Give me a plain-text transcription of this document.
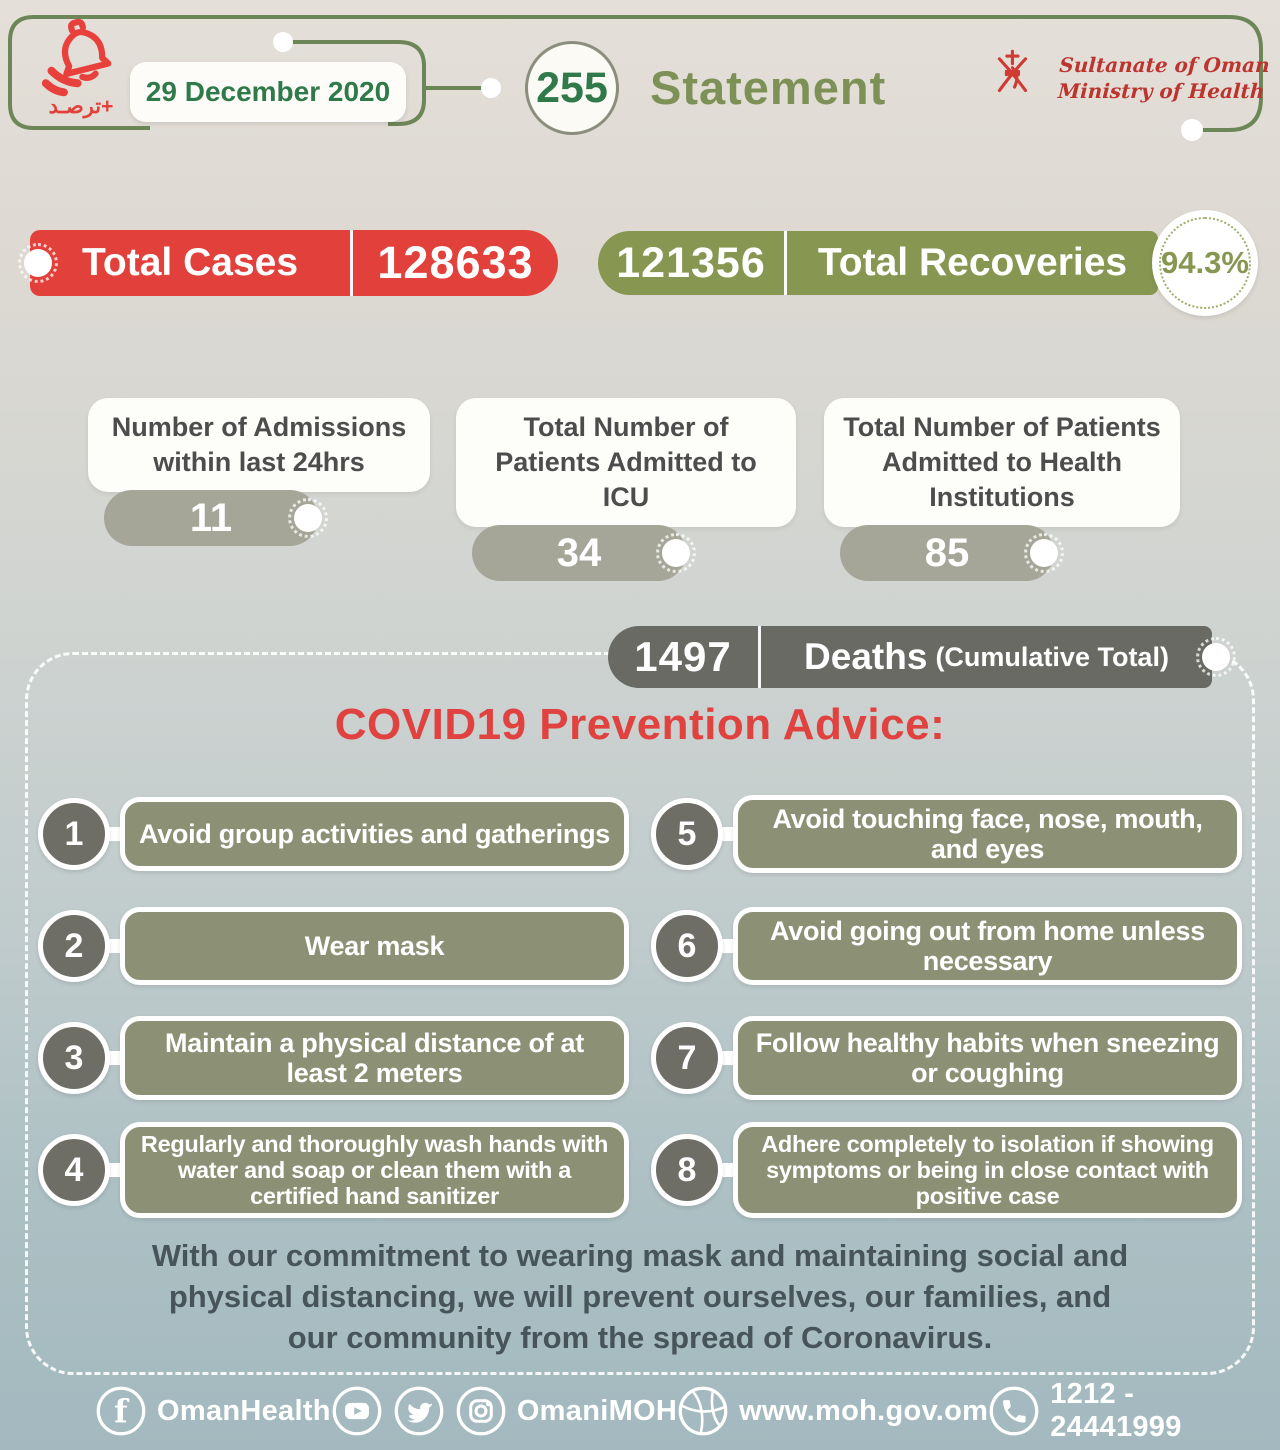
ترصـد+	29 December 2020	255 Statement	Sultanate of Oman
Ministry of Health
Total Cases	128633	121356	Total Recoveries	94.3%
Number of Admissions within last 24hrs
11
Total Number of Patients Admitted to ICU
34
Total Number of Patients Admitted to Health Institutions
85
1497	Deaths (Cumulative Total)
COVID19 Prevention Advice:
1	Avoid group activities and gatherings
2	Wear mask
3	Maintain a physical distance of at least 2 meters
4
Regularly and thoroughly wash hands with water and soap or clean them with a certified hand sanitizer
5	Avoid touching face, nose, mouth, and eyes
6	Avoid going out from home unless necessary
7	Follow healthy habits when sneezing or coughing
8
Adhere completely to isolation if showing symptoms or being in close contact with positive case
With our commitment to wearing mask and maintaining social and physical distancing, we will prevent ourselves, our families, and our community from the spread of Coronavirus.
f OmanHealth	OmaniMOH www.moh.gov.om
1212 - 24441999
